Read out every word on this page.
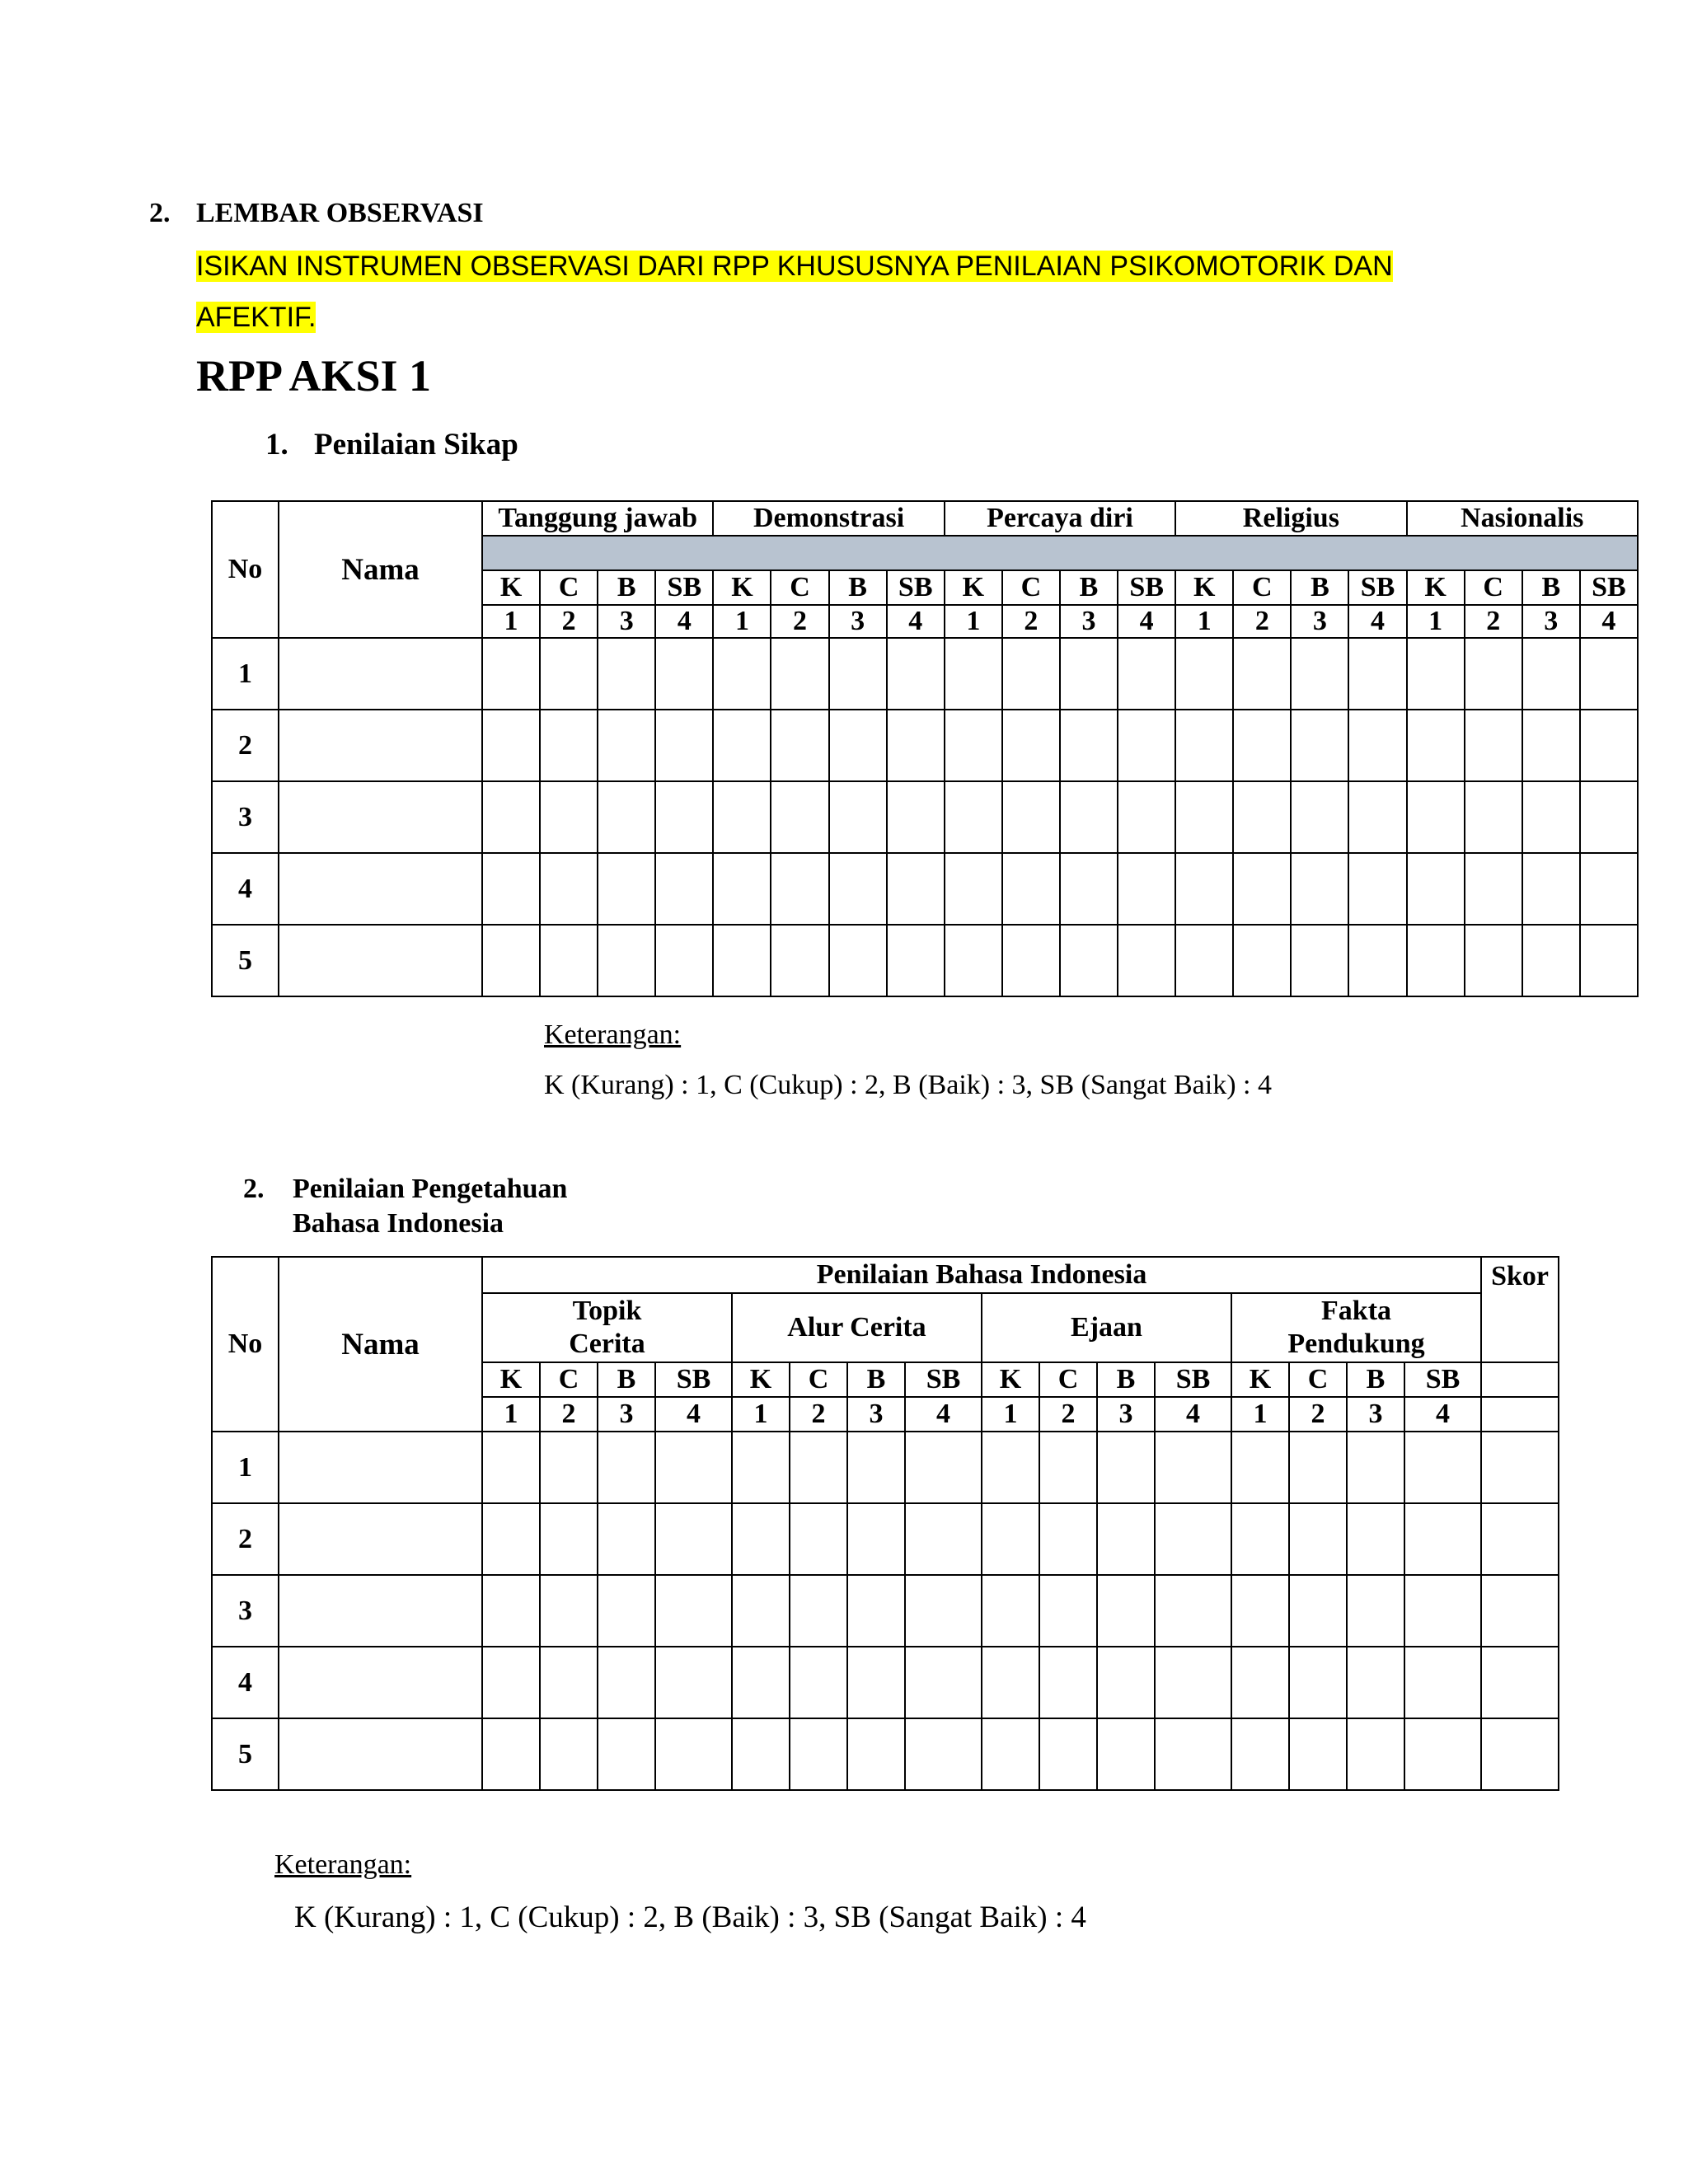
2. LEMBAR OBSERVASI
ISIKAN INSTRUMEN OBSERVASI DARI RPP KHUSUSNYA PENILAIAN PSIKOMOTORIK DAN
AFEKTIF.
RPP AKSI 1
1. Penilaian Sikap
No	Nama	Tanggung jawab				Demonstrasi				Percaya diri				Religius				Nasionalis			

		K	C	B	SB	K	C	B	SB	K	C	B	SB	K	C	B	SB	K	C	B	SB
		1	2	3	4	1	2	3	4	1	2	3	4	1	2	3	4	1	2	3	4
1																					
2																					
3																					
4																					
5																					
Keterangan:
K (Kurang) : 1, C (Cukup) : 2, B (Baik) : 3, SB (Sangat Baik) : 4
2. Penilaian Pengetahuan
Bahasa Indonesia
No	Nama	Penilaian Bahasa Indonesia																Skor
		Topik Cerita				Alur Cerita				Ejaan				Fakta Pendukung				
		K	C	B	SB	K	C	B	SB	K	C	B	SB	K	C	B	SB	
		1	2	3	4	1	2	3	4	1	2	3	4	1	2	3	4	
1																		
2																		
3																		
4																		
5																		
Keterangan:
K (Kurang) : 1, C (Cukup) : 2, B (Baik) : 3, SB (Sangat Baik) : 4
